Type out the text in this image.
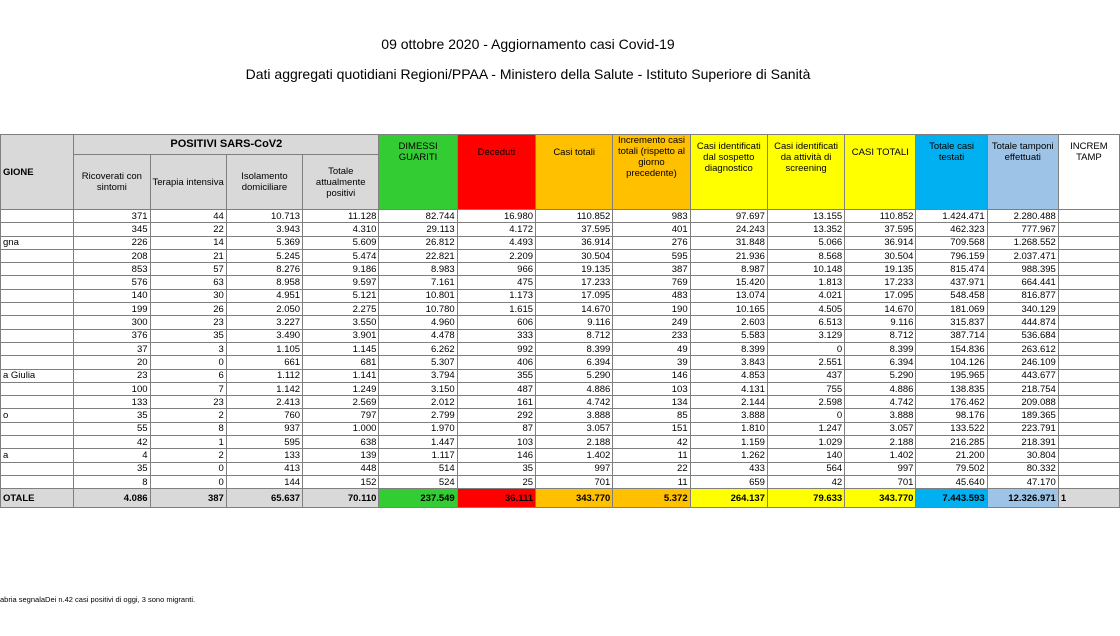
09 ottobre 2020 - Aggiornamento casi Covid-19
Dati aggregati quotidiani Regioni/PPAA - Ministero della Salute - Istituto Superiore di Sanità
GIONE	POSITIVI SARS-CoV2				DIMESSI GUARITI	Deceduti	Casi totali	Incremento casi totali (rispetto al giorno precedente)	Casi identificati dal sospetto diagnostico	Casi identificati da attività di screening	CASI TOTALI	Totale casi testati	Totale tamponi effettuati	INCREM TAMP
	Ricoverati con sintomi	Terapia intensiva	Isolamento domiciliare	Totale attualmente positivi										
	371	44	10.713	11.128	82.744	16.980	110.852	983	97.697	13.155	110.852	1.424.471	2.280.488	
	345	22	3.943	4.310	29.113	4.172	37.595	401	24.243	13.352	37.595	462.323	777.967	
gna	226	14	5.369	5.609	26.812	4.493	36.914	276	31.848	5.066	36.914	709.568	1.268.552	
	208	21	5.245	5.474	22.821	2.209	30.504	595	21.936	8.568	30.504	796.159	2.037.471	
	853	57	8.276	9.186	8.983	966	19.135	387	8.987	10.148	19.135	815.474	988.395	
	576	63	8.958	9.597	7.161	475	17.233	769	15.420	1.813	17.233	437.971	664.441	
	140	30	4.951	5.121	10.801	1.173	17.095	483	13.074	4.021	17.095	548.458	816.877	
	199	26	2.050	2.275	10.780	1.615	14.670	190	10.165	4.505	14.670	181.069	340.129	
	300	23	3.227	3.550	4.960	606	9.116	249	2.603	6.513	9.116	315.837	444.874	
	376	35	3.490	3.901	4.478	333	8.712	233	5.583	3.129	8.712	387.714	536.684	
	37	3	1.105	1.145	6.262	992	8.399	49	8.399	0	8.399	154.836	263.612	
	20	0	661	681	5.307	406	6.394	39	3.843	2.551	6.394	104.126	246.109	
a Giulia	23	6	1.112	1.141	3.794	355	5.290	146	4.853	437	5.290	195.965	443.677	
	100	7	1.142	1.249	3.150	487	4.886	103	4.131	755	4.886	138.835	218.754	
	133	23	2.413	2.569	2.012	161	4.742	134	2.144	2.598	4.742	176.462	209.088	
o	35	2	760	797	2.799	292	3.888	85	3.888	0	3.888	98.176	189.365	
	55	8	937	1.000	1.970	87	3.057	151	1.810	1.247	3.057	133.522	223.791	
	42	1	595	638	1.447	103	2.188	42	1.159	1.029	2.188	216.285	218.391	
a	4	2	133	139	1.117	146	1.402	11	1.262	140	1.402	21.200	30.804	
	35	0	413	448	514	35	997	22	433	564	997	79.502	80.332	
	8	0	144	152	524	25	701	11	659	42	701	45.640	47.170	
OTALE	4.086	387	65.637	70.110	237.549	36.111	343.770	5.372	264.137	79.633	343.770	7.443.593	12.326.971	1
abria segnalaDei n.42 casi positivi di oggi, 3 sono migranti.
